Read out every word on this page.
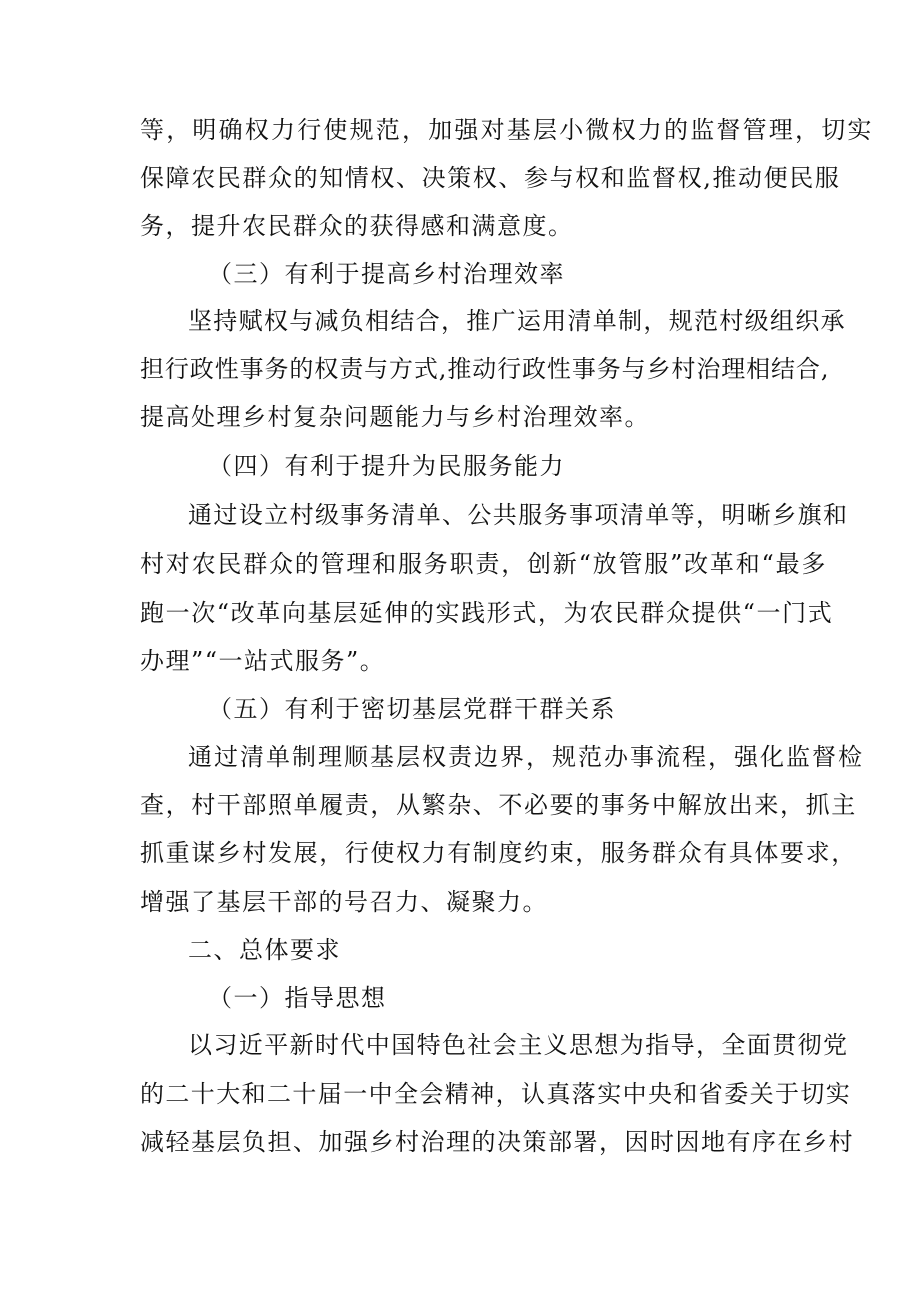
等，明确权力行使规范，加强对基层小微权力的监督管理，切实
保障农民群众的知情权、决策权、参与权和监督权,推动便民服
务，提升农民群众的获得感和满意度。
（三）有利于提高乡村治理效率
坚持赋权与减负相结合，推广运用清单制，规范村级组织承
担行政性事务的权责与方式,推动行政性事务与乡村治理相结合,
提高处理乡村复杂问题能力与乡村治理效率。
（四）有利于提升为民服务能力
通过设立村级事务清单、公共服务事项清单等，明晰乡旗和
村对农民群众的管理和服务职责，创新“放管服”改革和“最多
跑一次“改革向基层延伸的实践形式，为农民群众提供“一门式
办理”“一站式服务”。
（五）有利于密切基层党群干群关系
通过清单制理顺基层权责边界，规范办事流程，强化监督检
查，村干部照单履责，从繁杂、不必要的事务中解放出来，抓主
抓重谋乡村发展，行使权力有制度约束，服务群众有具体要求，
增强了基层干部的号召力、凝聚力。
二、总体要求
（一）指导思想
以习近平新时代中国特色社会主义思想为指导，全面贯彻党
的二十大和二十届一中全会精神，认真落实中央和省委关于切实
减轻基层负担、加强乡村治理的决策部署，因时因地有序在乡村
